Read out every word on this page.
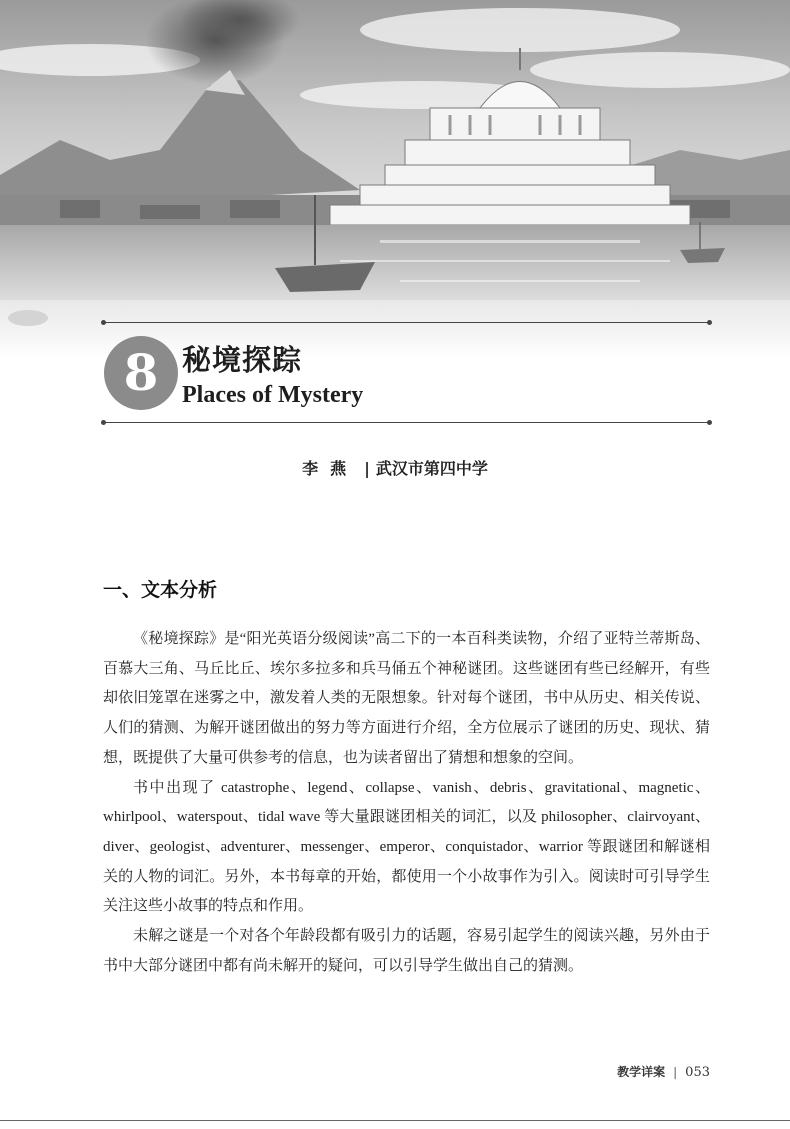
8 秘境探踪
Places of Mystery
李燕 | 武汉市第四中学
一、文本分析

《秘境探踪》是“阳光英语分级阅读”高二下的一本百科类读物，介绍了亚特兰蒂斯岛、百慕大三角、马丘比丘、埃尔多拉多和兵马俑五个神秘谜团。这些谜团有些已经解开，有些却依旧笼罩在迷雾之中，激发着人类的无限想象。针对每个谜团，书中从历史、相关传说、人们的猜测、为解开谜团做出的努力等方面进行介绍，全方位展示了谜团的历史、现状、猜想，既提供了大量可供参考的信息，也为读者留出了猜想和想象的空间。

书中出现了 catastrophe、legend、collapse、vanish、debris、gravitational、magnetic、whirlpool、waterspout、tidal wave 等大量跟谜团相关的词汇，以及 philosopher、clairvoyant、diver、geologist、adventurer、messenger、emperor、conquistador、warrior 等跟谜团和解谜相关的人物的词汇。另外，本书每章的开始，都使用一个小故事作为引入。阅读时可引导学生关注这些小故事的特点和作用。

未解之谜是一个对各个年龄段都有吸引力的话题，容易引起学生的阅读兴趣，另外由于书中大部分谜团中都有尚未解开的疑问，可以引导学生做出自己的猜测。

教学详案 | 053
